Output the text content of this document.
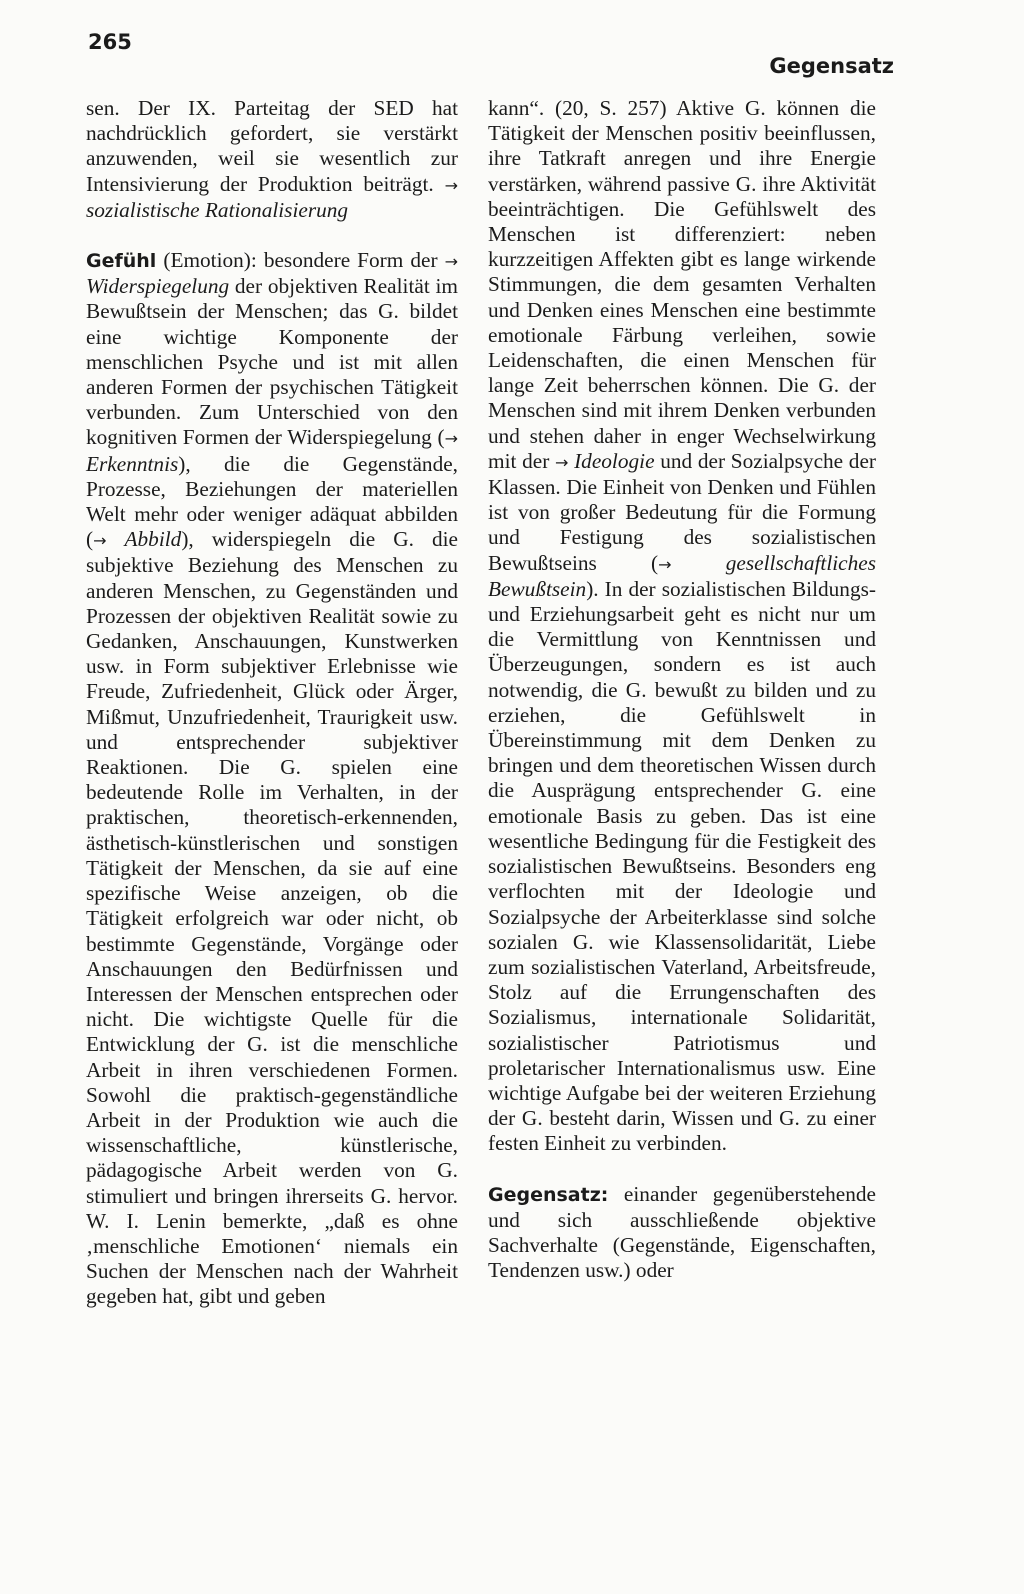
265
Gegensatz

sen. Der IX. Parteitag der SED hat nachdrücklich gefordert, sie verstärkt anzuwenden, weil sie wesentlich zur Intensivierung der Produktion beiträgt. → sozialistische Rationalisierung

Gefühl (Emotion): besondere Form der → Widerspiegelung der objektiven Realität im Bewußtsein der Menschen; das G. bildet eine wichtige Komponente der menschlichen Psyche und ist mit allen anderen Formen der psychischen Tätigkeit verbunden. Zum Unterschied von den kognitiven Formen der Widerspiegelung (→ Erkenntnis), die die Gegenstände, Prozesse, Beziehungen der materiellen Welt mehr oder weniger adäquat abbilden (→ Abbild), widerspiegeln die G. die subjektive Beziehung des Menschen zu anderen Menschen, zu Gegenständen und Prozessen der objektiven Realität sowie zu Gedanken, Anschauungen, Kunstwerken usw. in Form subjektiver Erlebnisse wie Freude, Zufriedenheit, Glück oder Ärger, Mißmut, Unzufriedenheit, Traurigkeit usw. und entsprechender subjektiver Reaktionen. Die G. spielen eine bedeutende Rolle im Verhalten, in der praktischen, theoretisch-erkennenden, ästhetisch-künstlerischen und sonstigen Tätigkeit der Menschen, da sie auf eine spezifische Weise anzeigen, ob die Tätigkeit erfolgreich war oder nicht, ob bestimmte Gegenstände, Vorgänge oder Anschauungen den Bedürfnissen und Interessen der Menschen entsprechen oder nicht. Die wichtigste Quelle für die Entwicklung der G. ist die menschliche Arbeit in ihren verschiedenen Formen. Sowohl die praktisch-gegenständliche Arbeit in der Produktion wie auch die wissenschaftliche, künstlerische, pädagogische Arbeit werden von G. stimuliert und bringen ihrerseits G. hervor. W. I. Lenin bemerkte, „daß es ohne ‚menschliche Emotionen‘ niemals ein Suchen der Menschen nach der Wahrheit gegeben hat, gibt und geben

kann“. (20, S. 257) Aktive G. können die Tätigkeit der Menschen positiv beeinflussen, ihre Tatkraft anregen und ihre Energie verstärken, während passive G. ihre Aktivität beeinträchtigen. Die Gefühlswelt des Menschen ist differenziert: neben kurzzeitigen Affekten gibt es lange wirkende Stimmungen, die dem gesamten Verhalten und Denken eines Menschen eine bestimmte emotionale Färbung verleihen, sowie Leidenschaften, die einen Menschen für lange Zeit beherrschen können. Die G. der Menschen sind mit ihrem Denken verbunden und stehen daher in enger Wechselwirkung mit der → Ideologie und der Sozialpsyche der Klassen. Die Einheit von Denken und Fühlen ist von großer Bedeutung für die Formung und Festigung des sozialistischen Bewußtseins (→	gesellschaftliches Bewußtsein). In der sozialistischen Bildungs- und Erziehungsarbeit geht es nicht nur um die Vermittlung von Kenntnissen und Überzeugungen, sondern es ist auch notwendig, die G. bewußt zu bilden und zu erziehen, die Gefühlswelt in Übereinstimmung mit dem Denken zu bringen und dem theoretischen Wissen durch die Ausprägung entsprechender G. eine emotionale Basis zu geben. Das ist eine wesentliche Bedingung für die Festigkeit des sozialistischen Bewußtseins. Besonders eng verflochten mit der Ideologie und Sozialpsyche der Arbeiterklasse sind solche sozialen G. wie Klassensolidarität, Liebe zum sozialistischen Vaterland, Arbeitsfreude, Stolz auf die Errungenschaften des Sozialismus, internationale Solidarität, sozialistischer Patriotismus und proletarischer Internationalismus usw. Eine wichtige Aufgabe bei der weiteren Erziehung der G. besteht darin, Wissen und G. zu einer festen Einheit zu verbinden.

Gegensatz: einander gegenüberstehende und sich ausschließende objektive Sachverhalte (Gegenstände, Eigenschaften, Tendenzen usw.) oder
